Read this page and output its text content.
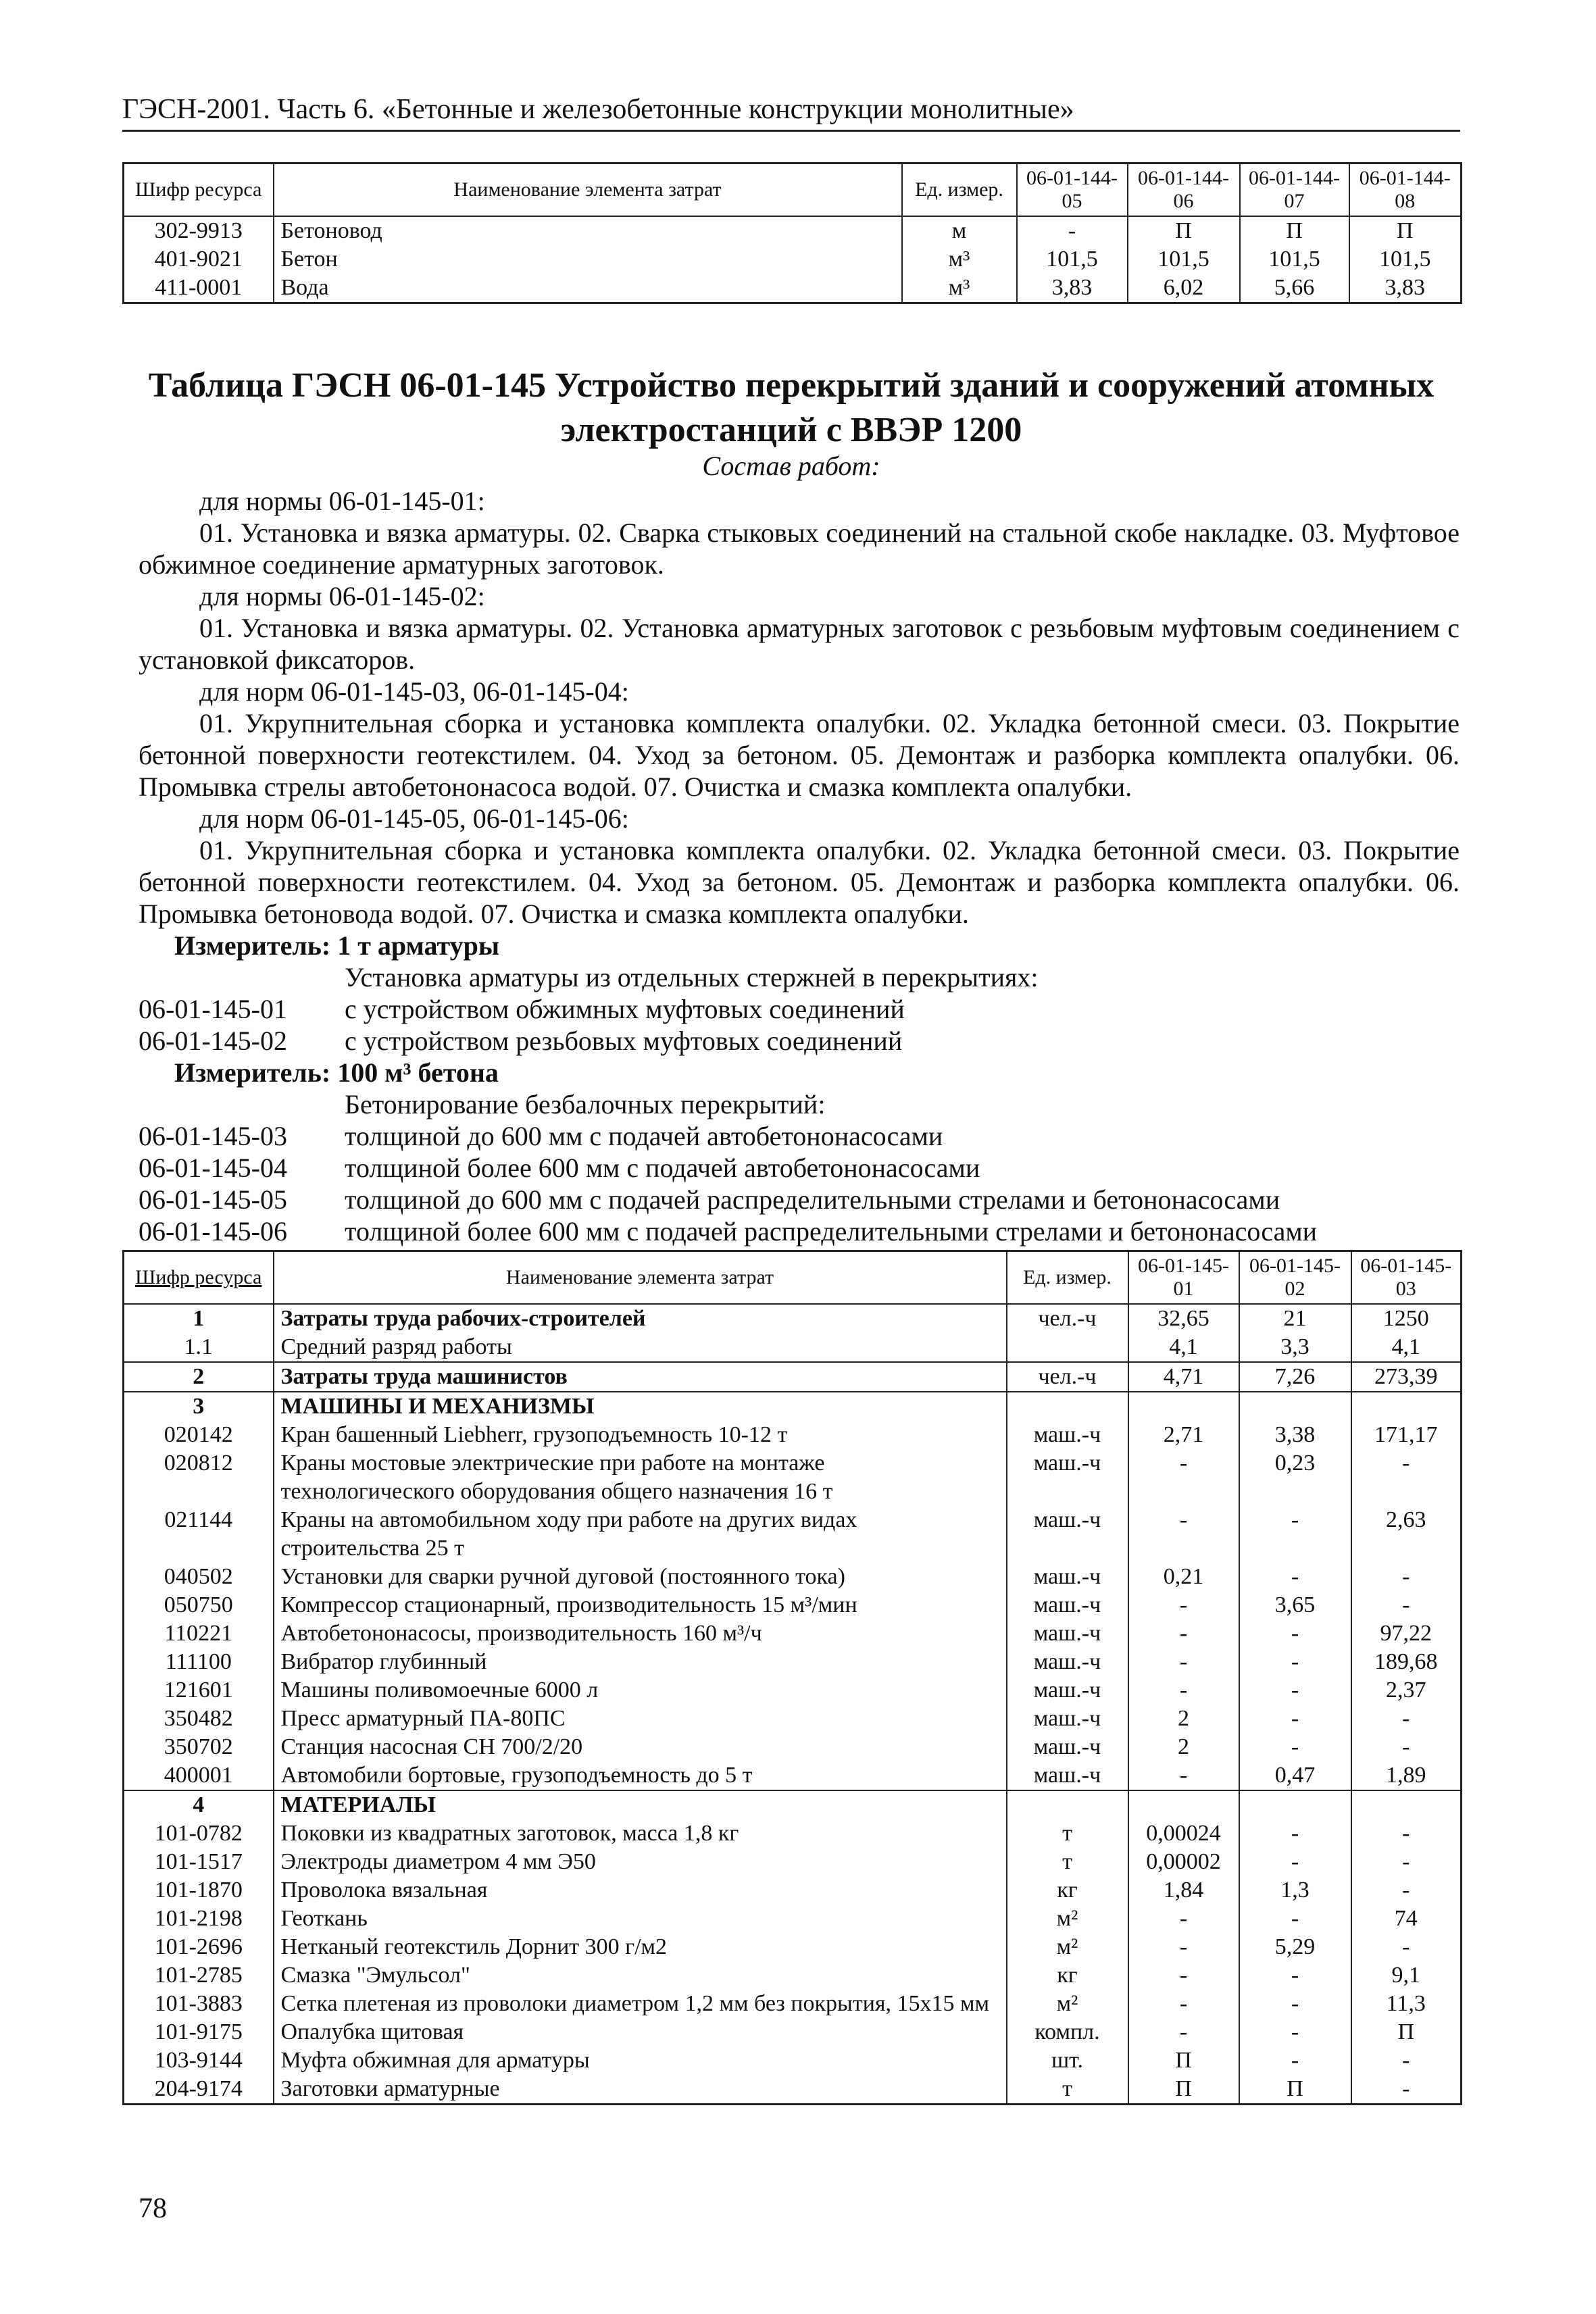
ГЭСН-2001. Часть 6. «Бетонные и железобетонные конструкции монолитные»
Шифр ресурса	Наименование элемента затрат	Ед. измер.	06-01-144-05	06-01-144-06	06-01-144-07	06-01-144-08
302-9913	Бетоновод	м	-	П	П	П
401-9021	Бетон	м³	101,5	101,5	101,5	101,5
411-0001	Вода	м³	3,83	6,02	5,66	3,83
Таблица ГЭСН 06-01-145 Устройство перекрытий зданий и сооружений атомных
электростанций с ВВЭР 1200
Состав работ:
для нормы 06-01-145-01:
01. Установка и вязка арматуры. 02. Сварка стыковых соединений на стальной скобе накладке. 03. Муфтовое обжимное соединение арматурных заготовок.
для нормы 06-01-145-02:
01. Установка и вязка арматуры. 02. Установка арматурных заготовок с резьбовым муфтовым соединением с установкой фиксаторов.
для норм 06-01-145-03, 06-01-145-04:
01. Укрупнительная сборка и установка комплекта опалубки. 02. Укладка бетонной смеси. 03. Покрытие бетонной поверхности геотекстилем. 04. Уход за бетоном. 05. Демонтаж и разборка комплекта опалубки. 06. Промывка стрелы автобетононасоса водой. 07. Очистка и смазка комплекта опалубки.
для норм 06-01-145-05, 06-01-145-06:
01. Укрупнительная сборка и установка комплекта опалубки. 02. Укладка бетонной смеси. 03. Покрытие бетонной поверхности геотекстилем. 04. Уход за бетоном. 05. Демонтаж и разборка комплекта опалубки. 06. Промывка бетоновода водой. 07. Очистка и смазка комплекта опалубки.
Измеритель: 1 т арматуры
Установка арматуры из отдельных стержней в перекрытиях:
06-01-145-01 с устройством обжимных муфтовых соединений
06-01-145-02 с устройством резьбовых муфтовых соединений
Измеритель: 100 м³ бетона
Бетонирование безбалочных перекрытий:
06-01-145-03 толщиной до 600 мм с подачей автобетононасосами
06-01-145-04 толщиной более 600 мм с подачей автобетононасосами
06-01-145-05 толщиной до 600 мм с подачей распределительными стрелами и бетононасосами
06-01-145-06 толщиной более 600 мм с подачей распределительными стрелами и бетононасосами
Шифр ресурса	Наименование элемента затрат	Ед. измер.	06-01-145-01	06-01-145-02	06-01-145-03
1	Затраты труда рабочих-строителей	чел.-ч	32,65	21	1250
1.1	Средний разряд работы		4,1	3,3	4,1
2	Затраты труда машинистов	чел.-ч	4,71	7,26	273,39
3	МАШИНЫ И МЕХАНИЗМЫ				
020142	Кран башенный Liebherr, грузоподъемность 10-12 т	маш.-ч	2,71	3,38	171,17
020812	Краны мостовые электрические при работе на монтаже технологического оборудования общего назначения 16 т	маш.-ч	-	0,23	-
021144	Краны на автомобильном ходу при работе на других видах строительства 25 т	маш.-ч	-	-	2,63
040502	Установки для сварки ручной дуговой (постоянного тока)	маш.-ч	0,21	-	-
050750	Компрессор стационарный, производительность 15 м³/мин	маш.-ч	-	3,65	-
110221	Автобетононасосы, производительность 160 м³/ч	маш.-ч	-	-	97,22
111100	Вибратор глубинный	маш.-ч	-	-	189,68
121601	Машины поливомоечные 6000 л	маш.-ч	-	-	2,37
350482	Пресс арматурный ПА-80ПС	маш.-ч	2	-	-
350702	Станция насосная СН 700/2/20	маш.-ч	2	-	-
400001	Автомобили бортовые, грузоподъемность до 5 т	маш.-ч	-	0,47	1,89
4	МАТЕРИАЛЫ				
101-0782	Поковки из квадратных заготовок, масса 1,8 кг	т	0,00024	-	-
101-1517	Электроды диаметром 4 мм Э50	т	0,00002	-	-
101-1870	Проволока вязальная	кг	1,84	1,3	-
101-2198	Геоткань	м²	-	-	74
101-2696	Нетканый геотекстиль Дорнит 300 г/м2	м²	-	5,29	-
101-2785	Смазка "Эмульсол"	кг	-	-	9,1
101-3883	Сетка плетеная из проволоки диаметром 1,2 мм без покрытия, 15x15 мм	м²	-	-	11,3
101-9175	Опалубка щитовая	компл.	-	-	П
103-9144	Муфта обжимная для арматуры	шт.	П	-	-
204-9174	Заготовки арматурные	т	П	П	-
78
